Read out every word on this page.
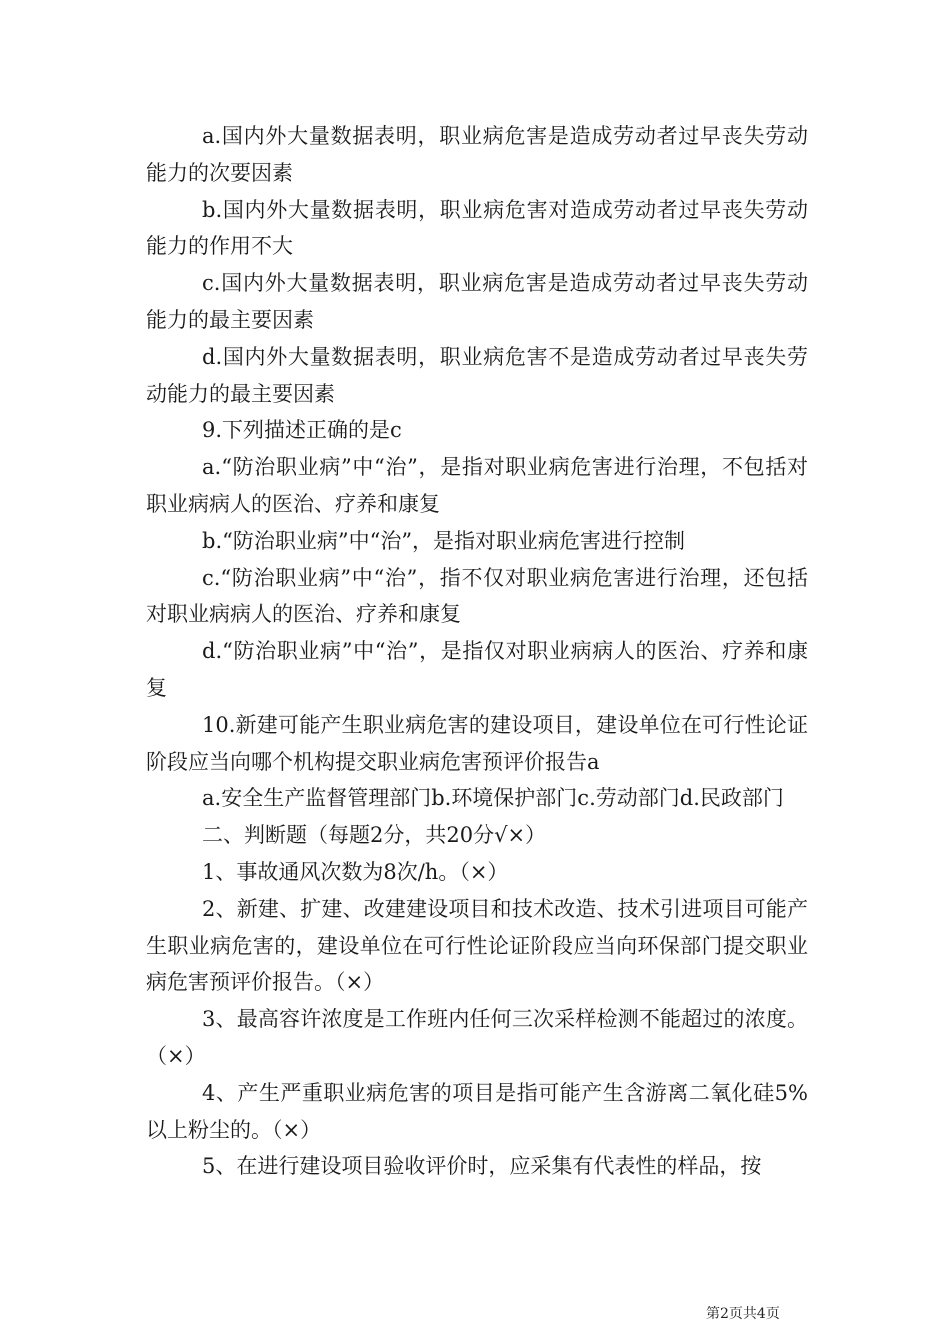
a.国内外大量数据表明，职业病危害是造成劳动者过早丧失劳动能力的次要因素

b.国内外大量数据表明，职业病危害对造成劳动者过早丧失劳动能力的作用不大

c.国内外大量数据表明，职业病危害是造成劳动者过早丧失劳动能力的最主要因素

d.国内外大量数据表明，职业病危害不是造成劳动者过早丧失劳动能力的最主要因素

9.下列描述正确的是c

a.“防治职业病”中“治”，是指对职业病危害进行治理，不包括对职业病病人的医治、疗养和康复

b.“防治职业病”中“治”，是指对职业病危害进行控制

c.“防治职业病”中“治”，指不仅对职业病危害进行治理，还包括对职业病病人的医治、疗养和康复

d.“防治职业病”中“治”，是指仅对职业病病人的医治、疗养和康复

10.新建可能产生职业病危害的建设项目，建设单位在可行性论证阶段应当向哪个机构提交职业病危害预评价报告a

a.安全生产监督管理部门b.环境保护部门c.劳动部门d.民政部门

二、判断题（每题2分，共20分√×）

1、事故通风次数为8次/h。（×）

2、新建、扩建、改建建设项目和技术改造、技术引进项目可能产生职业病危害的，建设单位在可行性论证阶段应当向环保部门提交职业病危害预评价报告。（×）

3、最高容许浓度是工作班内任何三次采样检测不能超过的浓度。（×）

4、产生严重职业病危害的项目是指可能产生含游离二氧化硅5%以上粉尘的。（×）

5、在进行建设项目验收评价时，应采集有代表性的样品，按

第2页共4页
